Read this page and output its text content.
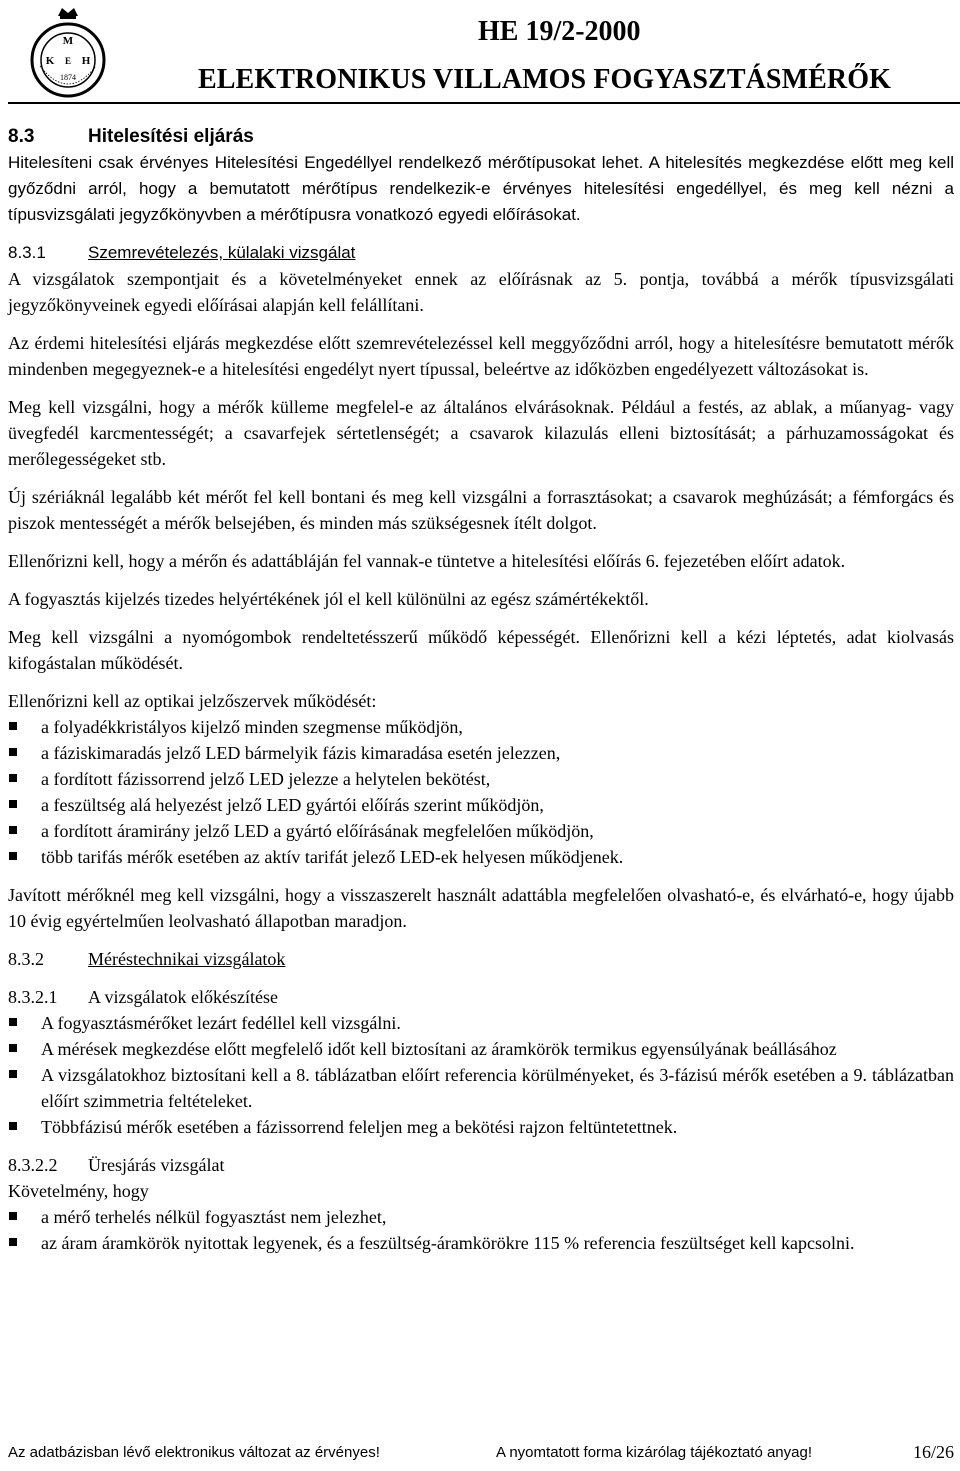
M
K H
E
1874
HE 19/2-2000
ELEKTRONIKUS VILLAMOS FOGYASZTÁSMÉRŐK
8.3	Hitelesítési eljárás

Hitelesíteni csak érvényes Hitelesítési Engedéllyel rendelkező mérőtípusokat lehet. A hitelesítés megkezdése előtt meg kell győződni arról, hogy a bemutatott mérőtípus rendelkezik-e érvényes hitelesítési engedéllyel, és meg kell nézni a típusvizsgálati jegyzőkönyvben a mérőtípusra vonatkozó egyedi előírásokat.

8.3.1 Szemrevételezés, külalaki vizsgálat

A vizsgálatok szempontjait és a követelményeket ennek az előírásnak az 5. pontja, továbbá a mérők típusvizsgálati jegyzőkönyveinek egyedi előírásai alapján kell felállítani.

Az érdemi hitelesítési eljárás megkezdése előtt szemrevételezéssel kell meggyőződni arról, hogy a hitelesítésre bemutatott mérők mindenben megegyeznek-e a hitelesítési engedélyt nyert típussal, beleértve az időközben engedélyezett változásokat is.

Meg kell vizsgálni, hogy a mérők külleme megfelel-e az általános elvárásoknak. Például a festés, az ablak, a műanyag- vagy üvegfedél karcmentességét; a csavarfejek sértetlenségét; a csavarok kilazulás elleni biztosítását; a párhuzamosságokat és merőlegességeket stb.

Új szériáknál legalább két mérőt fel kell bontani és meg kell vizsgálni a forrasztásokat; a csavarok meghúzását; a fémforgács és piszok mentességét a mérők belsejében, és minden más szükségesnek ítélt dolgot.

Ellenőrizni kell, hogy a mérőn és adattábláján fel vannak-e tüntetve a hitelesítési előírás 6. fejezetében előírt adatok.

A fogyasztás kijelzés tizedes helyértékének jól el kell különülni az egész számértékektől.

Meg kell vizsgálni a nyomógombok rendeltetésszerű működő képességét. Ellenőrizni kell a kézi léptetés, adat kiolvasás kifogástalan működését.

Ellenőrizni kell az optikai jelzőszervek működését:

a folyadékkristályos kijelző minden szegmense működjön,
a fáziskimaradás jelző LED bármelyik fázis kimaradása esetén jelezzen,
a fordított fázissorrend jelző LED jelezze a helytelen bekötést,
a feszültség alá helyezést jelző LED gyártói előírás szerint működjön,
a fordított áramirány jelző LED a gyártó előírásának megfelelően működjön,
több tarifás mérők esetében az aktív tarifát jelező LED-ek helyesen működjenek.

Javított mérőknél meg kell vizsgálni, hogy a visszaszerelt használt adattábla megfelelően olvasható-e, és elvárható-e, hogy újabb 10 évig egyértelműen leolvasható állapotban maradjon.

8.3.2 Méréstechnikai vizsgálatok
8.3.2.1 A vizsgálatok előkészítése
A fogyasztásmérőket lezárt fedéllel kell vizsgálni.
A mérések megkezdése előtt megfelelő időt kell biztosítani az áramkörök termikus egyensúlyának beállásához
A vizsgálatokhoz biztosítani kell a 8. táblázatban előírt referencia körülményeket, és 3-fázisú mérők esetében a 9. táblázatban előírt szimmetria feltételeket.
Többfázisú mérők esetében a fázissorrend feleljen meg a bekötési rajzon feltüntetettnek.
8.3.2.2 Üresjárás vizsgálat

Követelmény, hogy

a mérő terhelés nélkül fogyasztást nem jelezhet,
az áram áramkörök nyitottak legyenek, és a feszültség-áramkörökre 115 % referencia feszültséget kell kapcsolni.
Az adatbázisban lévő elektronikus változat az érvényes!	A nyomtatott forma kizárólag tájékoztató anyag!	16/26
